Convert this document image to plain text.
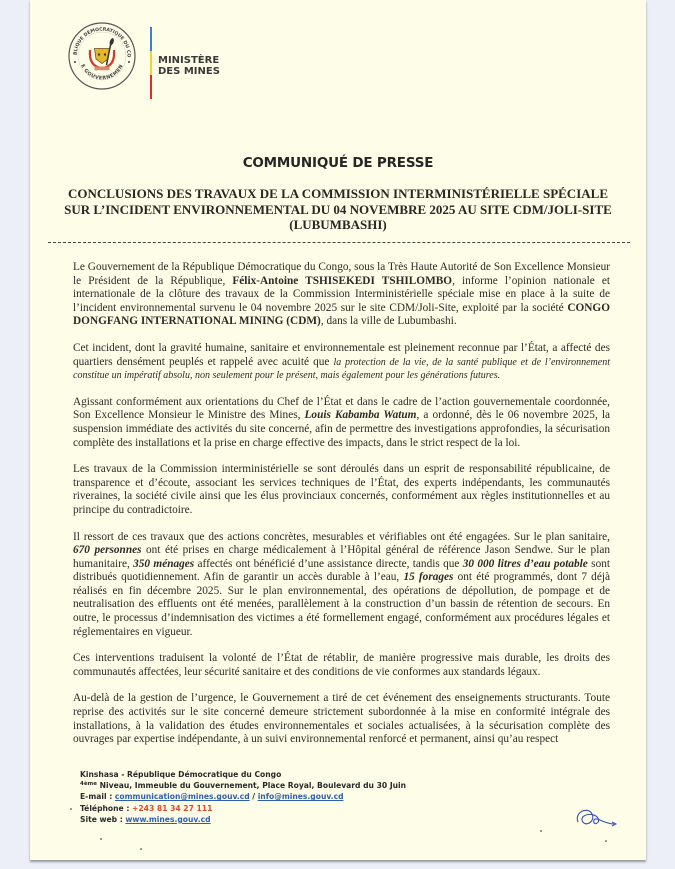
BLIQUE DÉMOCRATIQUE DU CO
E GOUVERNEMEN
MINISTÈRE
DES MINES
COMMUNIQUÉ DE PRESSE
CONCLUSIONS DES TRAVAUX DE LA COMMISSION INTERMINISTÉRIELLE SPÉCIALE SUR L’INCIDENT ENVIRONNEMENTAL DU 04 NOVEMBRE 2025 AU SITE CDM/JOLI-SITE (LUBUMBASHI)

Le Gouvernement de la République Démocratique du Congo, sous la Très Haute Autorité de Son Excellence Monsieur le Président de la République, Félix-Antoine TSHISEKEDI TSHILOMBO, informe l’opinion nationale et internationale de la clôture des travaux de la Commission Interministérielle spéciale mise en place à la suite de l’incident environnemental survenu le 04 novembre 2025 sur le site CDM/Joli-Site, exploité par la société CONGO DONGFANG INTERNATIONAL MINING (CDM), dans la ville de Lubumbashi.

Cet incident, dont la gravité humaine, sanitaire et environnementale est pleinement reconnue par l’État, a affecté des quartiers densément peuplés et rappelé avec acuité que la protection de la vie, de la santé publique et de l’environnement constitue un impératif absolu, non seulement pour le présent, mais également pour les générations futures.

Agissant conformément aux orientations du Chef de l’État et dans le cadre de l’action gouvernementale coordonnée, Son Excellence Monsieur le Ministre des Mines, Louis Kabamba Watum, a ordonné, dès le 06 novembre 2025, la suspension immédiate des activités du site concerné, afin de permettre des investigations approfondies, la sécurisation complète des installations et la prise en charge effective des impacts, dans le strict respect de la loi.

Les travaux de la Commission interministérielle se sont déroulés dans un esprit de responsabilité républicaine, de transparence et d’écoute, associant les services techniques de l’État, des experts indépendants, les communautés riveraines, la société civile ainsi que les élus provinciaux concernés, conformément aux règles institutionnelles et au principe du contradictoire.

Il ressort de ces travaux que des actions concrètes, mesurables et vérifiables ont été engagées. Sur le plan sanitaire, 670 personnes ont été prises en charge médicalement à l’Hôpital général de référence Jason Sendwe. Sur le plan humanitaire, 350 ménages affectés ont bénéficié d’une assistance directe, tandis que 30 000 litres d’eau potable sont distribués quotidiennement. Afin de garantir un accès durable à l’eau, 15 forages ont été programmés, dont 7 déjà réalisés en fin décembre 2025. Sur le plan environnemental, des opérations de dépollution, de pompage et de neutralisation des effluents ont été menées, parallèlement à la construction d’un bassin de rétention de secours. En outre, le processus d’indemnisation des victimes a été formellement engagé, conformément aux procédures légales et réglementaires en vigueur.

Ces interventions traduisent la volonté de l’État de rétablir, de manière progressive mais durable, les droits des communautés affectées, leur sécurité sanitaire et des conditions de vie conformes aux standards légaux.

Au-delà de la gestion de l’urgence, le Gouvernement a tiré de cet événement des enseignements structurants. Toute reprise des activités sur le site concerné demeure strictement subordonnée à la mise en conformité intégrale des installations, à la validation des études environnementales et sociales actualisées, à la sécurisation complète des ouvrages par expertise indépendante, à un suivi environnemental renforcé et permanent, ainsi qu’au respect

Kinshasa - République Démocratique du Congo
$^{4ème}$ Niveau, Immeuble du Gouvernement, Place Royal, Boulevard du 30 Juin
E-mail : communication@mines.gouv.cd / info@mines.gouv.cd
Téléphone : +243 81 34 27 111
Site web : www.mines.gouv.cd
